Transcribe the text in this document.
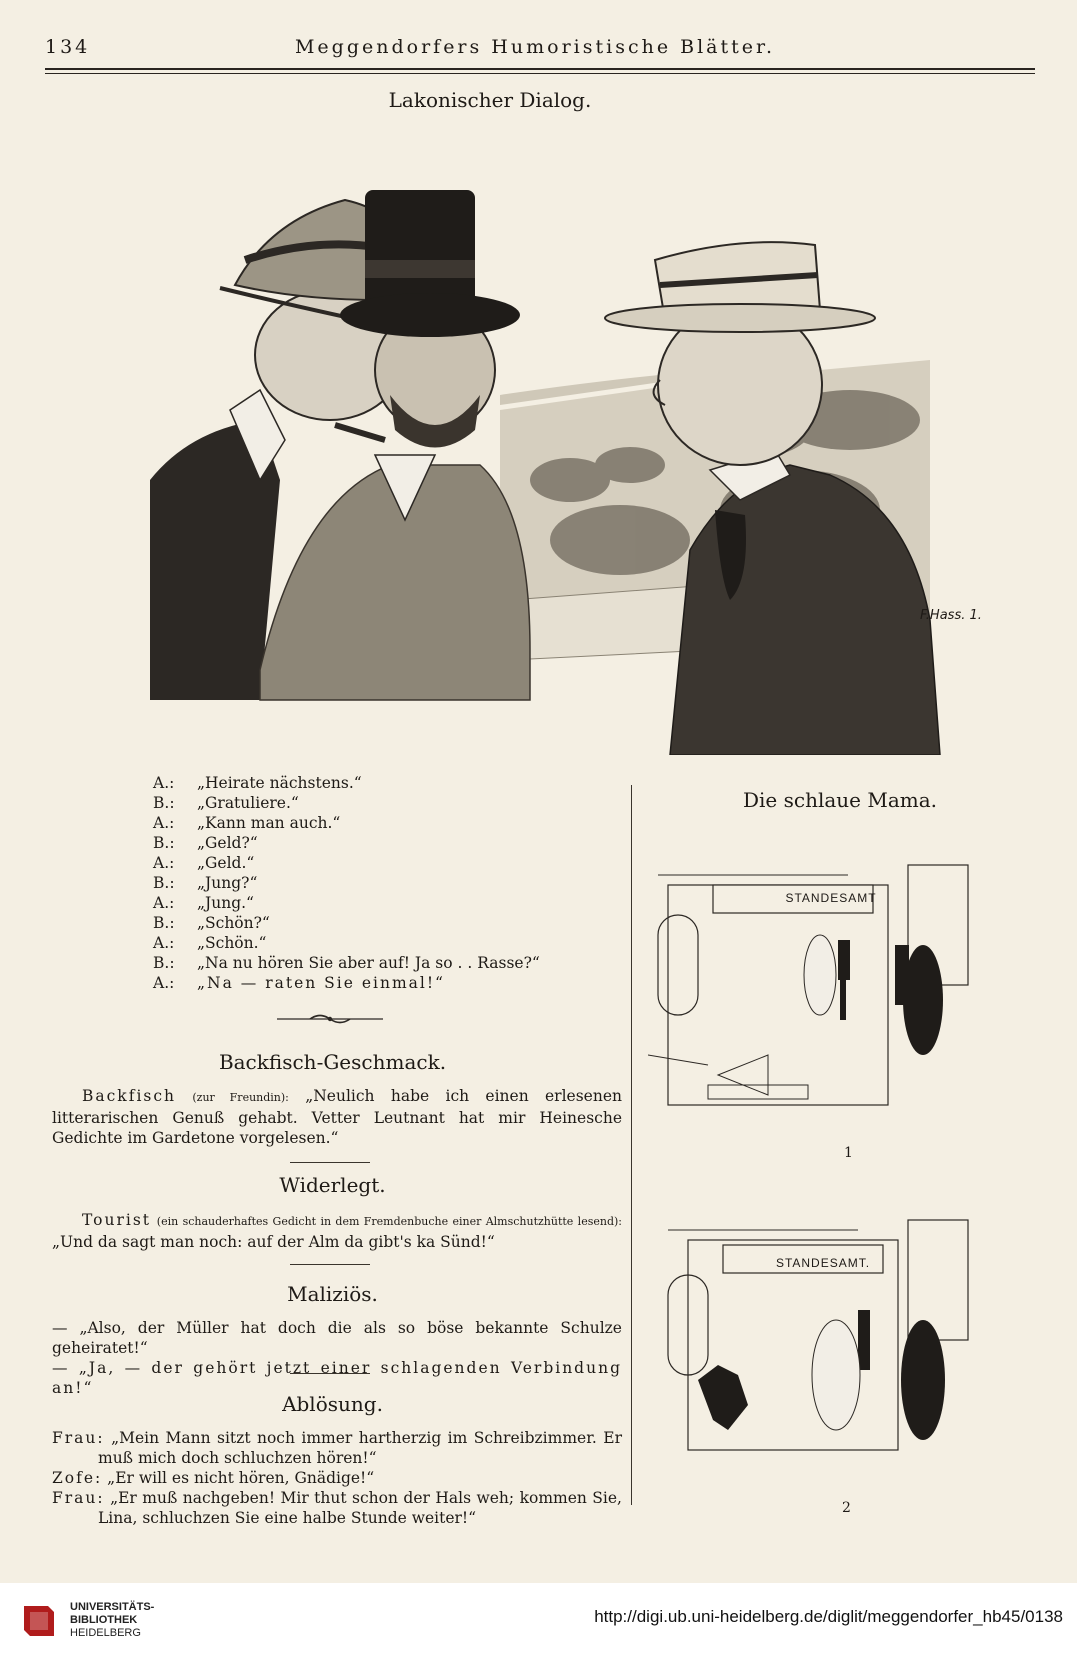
134	Meggendorfers Humoristische Blätter.
Lakonischer Dialog.
F.Hass. 1.
A.: „Heirate nächstens.“
B.: „Gratuliere.“
A.: „Kann man auch.“
B.: „Geld?“
A.: „Geld.“
B.: „Jung?“
A.: „Jung.“
B.: „Schön?“
A.: „Schön.“
B.: „Na nu hören Sie aber auf! Ja so . . Rasse?“
A.: „Na — raten Sie einmal!“
Backfisch-Geschmack.
Backfisch (zur Freundin): „Neulich habe ich einen erlesenen litterarischen Genuß gehabt. Vetter Leutnant hat mir Heinesche Gedichte im Gardetone vorgelesen.“
Widerlegt.
Tourist (ein schauderhaftes Gedicht in dem Fremdenbuche einer Almschutzhütte lesend): „Und da sagt man noch: auf der Alm da gibt's ka Sünd!“
Maliziös.
— „Also, der Müller hat doch die als so böse bekannte Schulze geheiratet!“
— „Ja, — der gehört jetzt einer schlagenden Verbindung an!“
Ablösung.
Frau: „Mein Mann sitzt noch immer hartherzig im Schreibzimmer. Er muß mich doch schluchzen hören!“
Zofe: „Er will es nicht hören, Gnädige!“
Frau: „Er muß nachgeben! Mir thut schon der Hals weh; kommen Sie, Lina, schluchzen Sie eine halbe Stunde weiter!“
Die schlaue Mama.
STANDESAMT
1
STANDESAMT.
2
UNIVERSITÄTS-
BIBLIOTHEK
HEIDELBERG
http://digi.ub.uni-heidelberg.de/diglit/meggendorfer_hb45/0138
